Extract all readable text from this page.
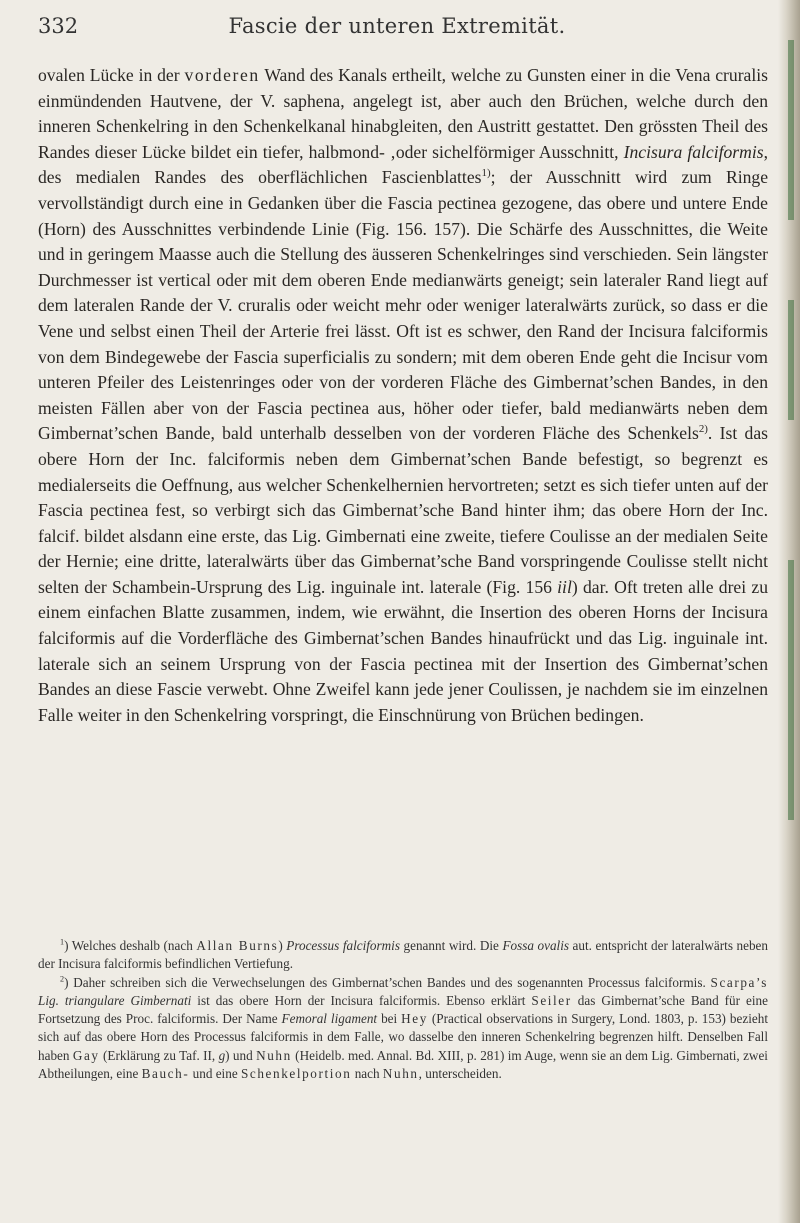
332	Fascie der unteren Extremität.

ovalen Lücke in der vorderen Wand des Kanals ertheilt, welche zu Gunsten einer in die Vena cruralis einmündenden Hautvene, der V. saphena, angelegt ist, aber auch den Brüchen, welche durch den inneren Schenkelring in den Schenkelkanal hinabgleiten, den Austritt gestattet. Den grössten Theil des Randes dieser Lücke bildet ein tiefer, halbmond- ‚oder sichelförmiger Ausschnitt, Incisura falciformis, des medialen Randes des oberflächlichen Fascienblattes$^{1)}$; der Ausschnitt wird zum Ringe vervollständigt durch eine in Gedanken über die Fascia pectinea gezogene, das obere und untere Ende (Horn) des Ausschnittes verbindende Linie (Fig. 156. 157). Die Schärfe des Ausschnittes, die Weite und in geringem Maasse auch die Stellung des äusseren Schenkelringes sind verschieden. Sein längster Durchmesser ist vertical oder mit dem oberen Ende medianwärts geneigt; sein lateraler Rand liegt auf dem lateralen Rande der V. cruralis oder weicht mehr oder weniger lateralwärts zurück, so dass er die Vene und selbst einen Theil der Arterie frei lässt. Oft ist es schwer, den Rand der Incisura falciformis von dem Bindegewebe der Fascia superficialis zu sondern; mit dem oberen Ende geht die Incisur vom unteren Pfeiler des Leistenringes oder von der vorderen Fläche des Gimbernat’schen Bandes, in den meisten Fällen aber von der Fascia pectinea aus, höher oder tiefer, bald medianwärts neben dem Gimbernat’schen Bande, bald unterhalb desselben von der vorderen Fläche des Schenkels$^{2)}$. Ist das obere Horn der Inc. falciformis neben dem Gimbernat’schen Bande befestigt, so begrenzt es medialerseits die Oeffnung, aus welcher Schenkelhernien hervortreten; setzt es sich tiefer unten auf der Fascia pectinea fest, so verbirgt sich das Gimbernat’sche Band hinter ihm; das obere Horn der Inc. falcif. bildet alsdann eine erste, das Lig. Gimbernati eine zweite, tiefere Coulisse an der medialen Seite der Hernie; eine dritte, lateralwärts über das Gimbernat’sche Band vorspringende Coulisse stellt nicht selten der Schambein-Ursprung des Lig. inguinale int. laterale (Fig. 156 iil) dar. Oft treten alle drei zu einem einfachen Blatte zusammen, indem, wie erwähnt, die Insertion des oberen Horns der Incisura falciformis auf die Vorderfläche des Gimbernat’schen Bandes hinaufrückt und das Lig. inguinale int. laterale sich an seinem Ursprung von der Fascia pectinea mit der Insertion des Gimbernat’schen Bandes an diese Fascie verwebt. Ohne Zweifel kann jede jener Coulissen, je nachdem sie im einzelnen Falle weiter in den Schenkelring vorspringt, die Einschnürung von Brüchen bedingen.

$^1$) Welches deshalb (nach Allan Burns) Processus falciformis genannt wird. Die Fossa ovalis aut. entspricht der lateralwärts neben der Incisura falciformis befindlichen Vertiefung.

$^2$) Daher schreiben sich die Verwechselungen des Gimbernat’schen Bandes und des sogenannten Processus falciformis. Scarpa’s Lig. triangulare Gimbernati ist das obere Horn der Incisura falciformis. Ebenso erklärt Seiler das Gimbernat’sche Band für eine Fortsetzung des Proc. falciformis. Der Name Femoral ligament bei Hey (Practical observations in Surgery, Lond. 1803, p. 153) bezieht sich auf das obere Horn des Processus falciformis in dem Falle, wo dasselbe den inneren Schenkelring begrenzen hilft. Denselben Fall haben Gay (Erklärung zu Taf. II, g) und Nuhn (Heidelb. med. Annal. Bd. XIII, p. 281) im Auge, wenn sie an dem Lig. Gimbernati, zwei Abtheilungen, eine Bauch- und eine Schenkelportion nach Nuhn, unterscheiden.
